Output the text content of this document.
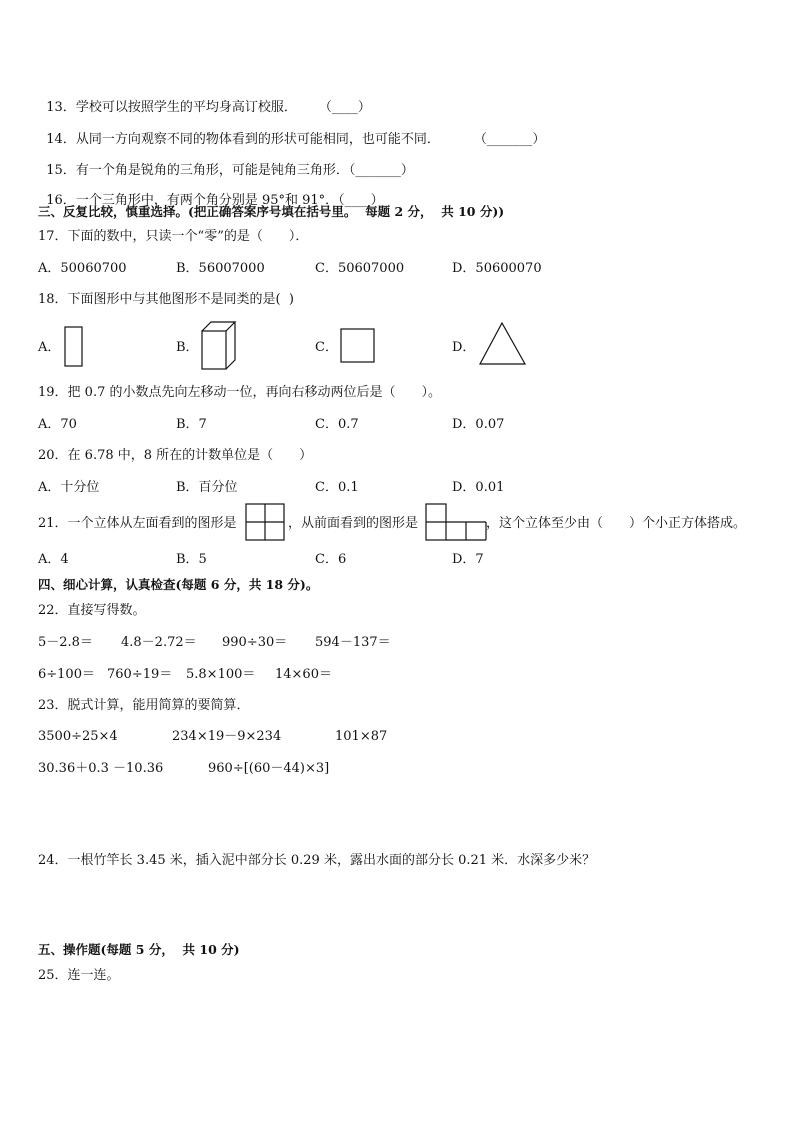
13．学校可以按照学生的平均身高订校服． （____）

14．从同一方向观察不同的物体看到的形状可能相同，也可能不同．	（_______）

15．有一个角是锐角的三角形，可能是钝角三角形．（_______）

16．一个三角形中，有两个角分别是 95°和 91°．（____）

三、反复比较，慎重选择。(把正确答案序号填在括号里。  每题 2 分，  共 10 分))
17．下面的数中，只读一个“零”的是（　　）．
A．50060700	B．56007000	C．50607000	D．50600070
18．下面图形中与其他图形不是同类的是(  )
A．	B．	C．	D．
19．把 0.7 的小数点先向左移动一位，再向右移动两位后是（　　）。
A．70	B．7	C．0.7	D．0.07
20．在 6.78 中，8 所在的计数单位是（　　）
A．十分位	B．百分位	C．0.1	D．0.01
21．一个立体从左面看到的图形是	，从前面看到的图形是	，这个立体至少由（　　）个小正方体搭成。
A．4	B．5	C．6	D．7
四、细心计算，认真检查(每题 6 分，共 18 分)。
22．直接写得数。
5－2.8＝ 4.8－2.72＝ 990÷30＝ 594－137＝
6÷100＝ 760÷19＝ 5.8×100＝ 14×60＝
23．脱式计算，能用简算的要简算．
3500÷25×4	234×19－9×234	101×87
30.36＋0.3 －10.36	960÷[(60－44)×3]
24．一根竹竿长 3.45 米，插入泥中部分长 0.29 米，露出水面的部分长 0.21 米．水深多少米？
五、操作题(每题 5 分，  共 10 分)
25．连一连。
